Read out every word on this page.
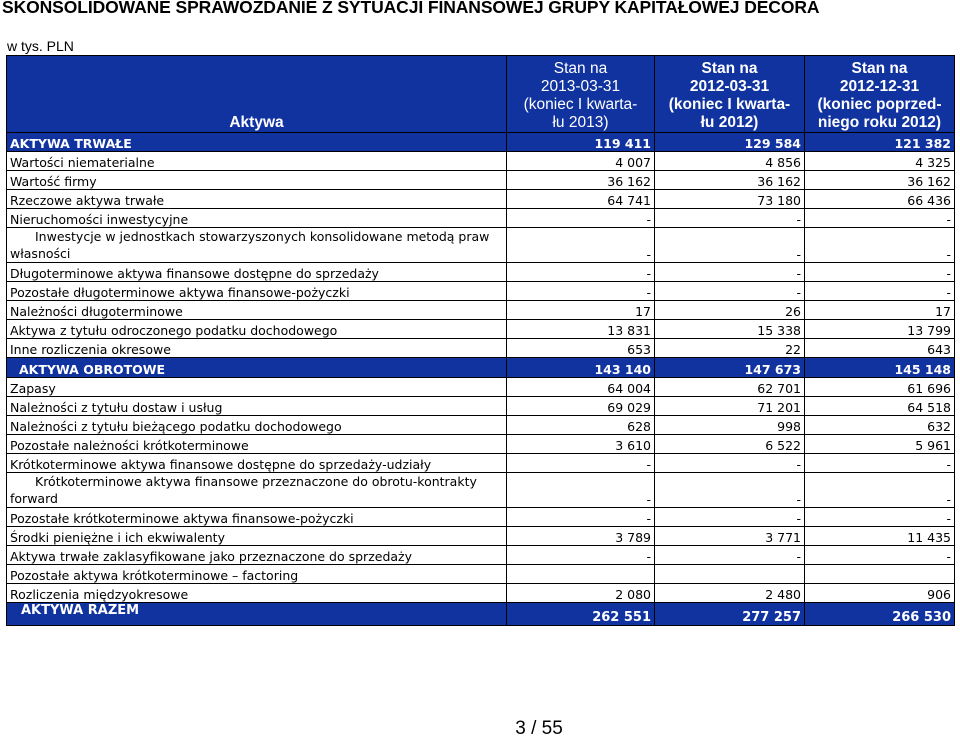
SKONSOLIDOWANE SPRAWOZDANIE Z SYTUACJI FINANSOWEJ GRUPY KAPITAŁOWEJ DECORA
w tys. PLN
Aktywa	Stan na
2013-03-31
(koniec I kwarta-
łu 2013)	Stan na
2012-03-31
(koniec I kwarta-
łu 2012)	Stan na
2012-12-31
(koniec poprzed-
niego roku 2012)

AKTYWA TRWAŁE	119 411	129 584	121 382
Wartości niematerialne	4 007	4 856	4 325
Wartość firmy	36 162	36 162	36 162
Rzeczowe aktywa trwałe	64 741	73 180	66 436
Nieruchomości inwestycyjne	-	-	-

Inwestycje w jednostkach stowarzyszonych konsolidowane metodą praw
własności	-	-	-
Długoterminowe aktywa finansowe dostępne do sprzedaży	-	-	-
Pozostałe długoterminowe aktywa finansowe-pożyczki	-	-	-
Należności długoterminowe	17	26	17
Aktywa z tytułu odroczonego podatku dochodowego	13 831	15 338	13 799
Inne rozliczenia okresowe	653	22	643
AKTYWA OBROTOWE	143 140	147 673	145 148
Zapasy	64 004	62 701	61 696
Należności z tytułu dostaw i usług	69 029	71 201	64 518
Należności z tytułu bieżącego podatku dochodowego	628	998	632
Pozostałe należności krótkoterminowe	3 610	6 522	5 961
Krótkoterminowe aktywa finansowe dostępne do sprzedaży-udziały	-	-	-

Krótkoterminowe aktywa finansowe przeznaczone do obrotu-kontrakty
forward	-	-	-
Pozostałe krótkoterminowe aktywa finansowe-pożyczki	-	-	-
Środki pieniężne i ich ekwiwalenty	3 789	3 771	11 435
Aktywa trwałe zaklasyfikowane jako przeznaczone do sprzedaży	-	-	-
Pozostałe aktywa krótkoterminowe – factoring			
Rozliczenia międzyokresowe	2 080	2 480	906
AKTYWA RAZEM	262 551	277 257	266 530
3 / 55
